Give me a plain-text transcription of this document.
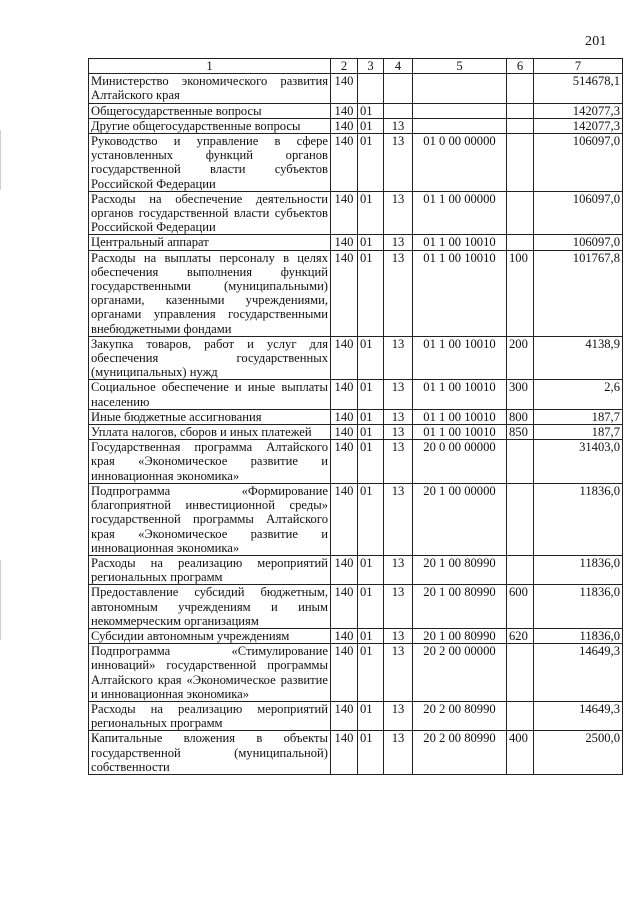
201
1	2	3	4	5	6	7
Министерство экономического развития Алтайского края	140					514678,1
Общегосударственные вопросы	140	01				142077,3
Другие общегосударственные вопросы	140	01	13			142077,3
Руководство и управление в сфере установленных функций органов государственной власти субъектов Российской Федерации	140	01	13	01 0 00 00000		106097,0
Расходы на обеспечение деятельности органов государственной власти субъектов Российской Федерации	140	01	13	01 1 00 00000		106097,0
Центральный аппарат	140	01	13	01 1 00 10010		106097,0
Расходы на выплаты персоналу в целях обеспечения выполнения функций государственными (муниципальными) органами, казенными учреждениями, органами управления государственными внебюджетными фондами	140	01	13	01 1 00 10010	100	101767,8
Закупка товаров, работ и услуг для обеспечения государственных (муниципальных) нужд	140	01	13	01 1 00 10010	200	4138,9
Социальное обеспечение и иные выплаты населению	140	01	13	01 1 00 10010	300	2,6
Иные бюджетные ассигнования	140	01	13	01 1 00 10010	800	187,7
Уплата налогов, сборов и иных платежей	140	01	13	01 1 00 10010	850	187,7
Государственная программа Алтайского края «Экономическое развитие и инновационная экономика»	140	01	13	20 0 00 00000		31403,0
Подпрограмма «Формирование благоприятной инвестиционной среды» государственной программы Алтайского края «Экономическое развитие и инновационная экономика»	140	01	13	20 1 00 00000		11836,0
Расходы на реализацию мероприятий региональных программ	140	01	13	20 1 00 80990		11836,0
Предоставление субсидий бюджетным, автономным учреждениям и иным некоммерческим организациям	140	01	13	20 1 00 80990	600	11836,0
Субсидии автономным учреждениям	140	01	13	20 1 00 80990	620	11836,0
Подпрограмма «Стимулирование инноваций» государственной программы Алтайского края «Экономическое развитие и инновационная экономика»	140	01	13	20 2 00 00000		14649,3
Расходы на реализацию мероприятий региональных программ	140	01	13	20 2 00 80990		14649,3
Капитальные вложения в объекты государственной (муниципальной) собственности	140	01	13	20 2 00 80990	400	2500,0
